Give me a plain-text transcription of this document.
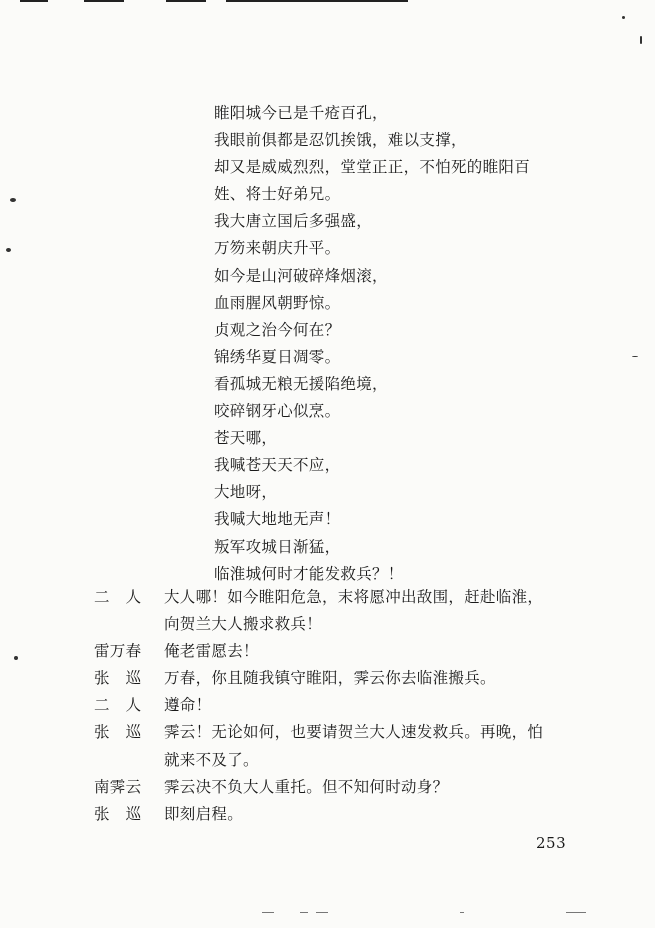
睢阳城今已是千疮百孔，
我眼前俱都是忍饥挨饿，难以支撑，
却又是威威烈烈，堂堂正正，不怕死的睢阳百
姓、将士好弟兄。
我大唐立国后多强盛，
万笏来朝庆升平。
如今是山河破碎烽烟滚，
血雨腥风朝野惊。
贞观之治今何在？
锦绣华夏日凋零。
看孤城无粮无援陷绝境，
咬碎钢牙心似烹。
苍天哪，
我喊苍天天不应，
大地呀，
我喊大地地无声！
叛军攻城日渐猛，
临淮城何时才能发救兵？！
二　人	大人哪！如今睢阳危急，末将愿冲出敌围，赶赴临淮，
向贺兰大人搬求救兵！
雷万春	俺老雷愿去！
张　巡	万春，你且随我镇守睢阳，霁云你去临淮搬兵。
二　人	遵命！
张　巡	霁云！无论如何，也要请贺兰大人速发救兵。再晚，怕
就来不及了。
南霁云	霁云决不负大人重托。但不知何时动身？
张　巡	即刻启程。
253
